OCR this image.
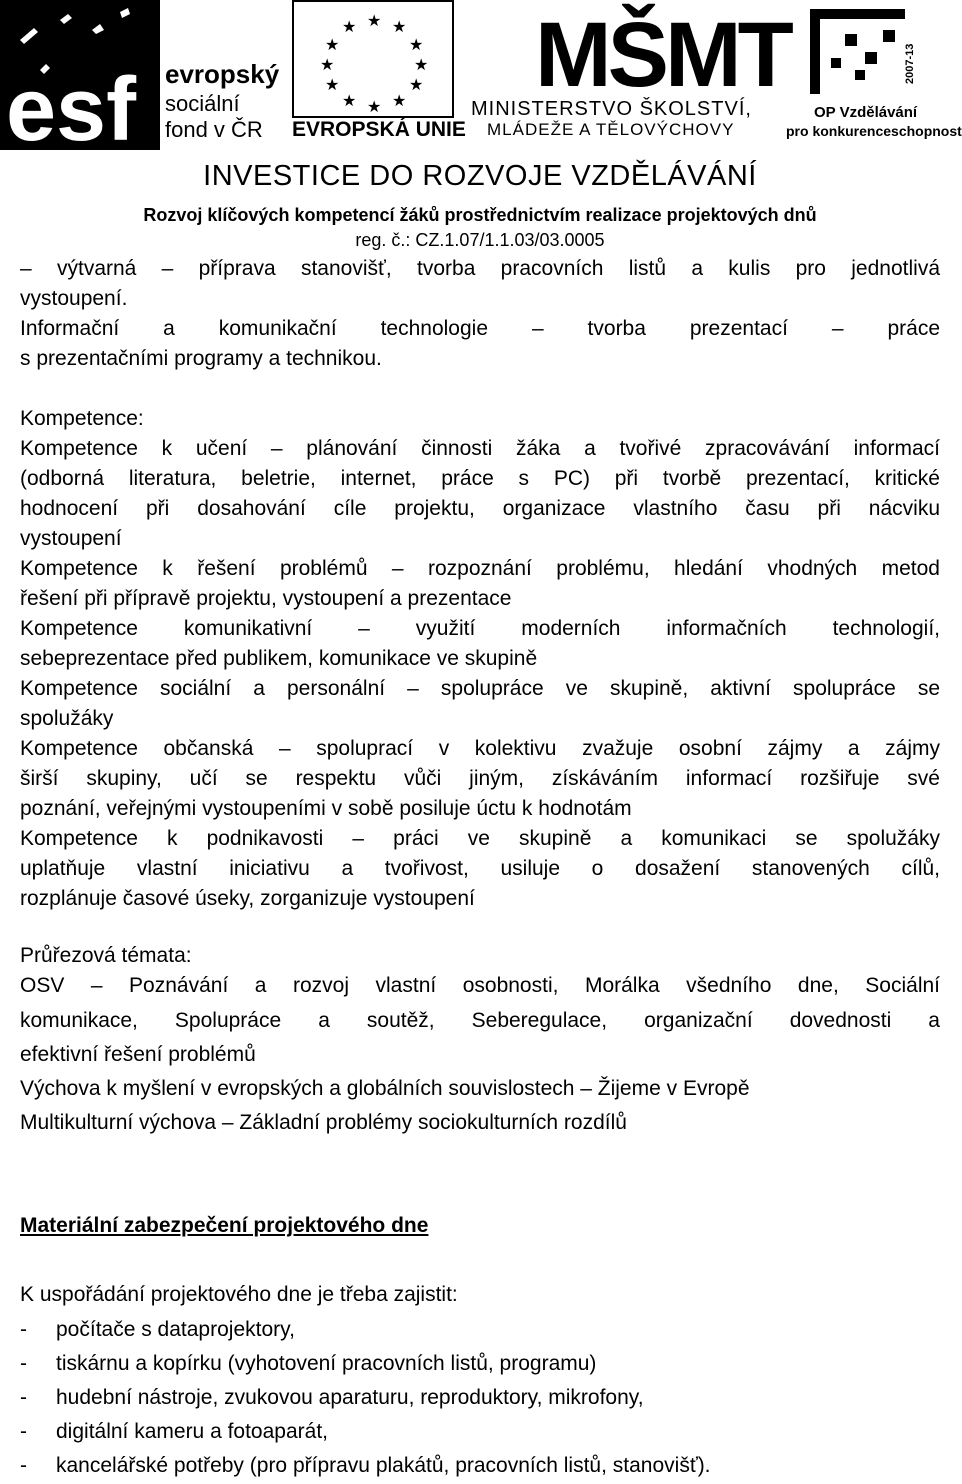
esf evropský
sociální
fond v ČR
★ ★
★
★
★
★
★
★
★
★
★
★
EVROPSKÁ UNIE
MŠMT
MINISTERSTVO ŠKOLSTVÍ,
MLÁDEŽE A TĚLOVÝCHOVY
2007-13
OP Vzdělávání
pro konkurenceschopnost
INVESTICE DO ROZVOJE VZDĚLÁVÁNÍ
Rozvoj klíčových kompetencí žáků prostřednictvím realizace projektových dnů
reg. č.: CZ.1.07/1.1.03/03.0005
– výtvarná – příprava stanovišť, tvorba pracovních listů a kulis pro jednotlivá
vystoupení.
Informační a komunikační technologie – tvorba prezentací – práce
s prezentačními programy a technikou.
Kompetence:
Kompetence k učení – plánování činnosti žáka a tvořivé zpracovávání informací
(odborná literatura, beletrie, internet, práce s PC) při tvorbě prezentací, kritické
hodnocení při dosahování cíle projektu, organizace vlastního času při nácviku
vystoupení
Kompetence k řešení problémů – rozpoznání problému, hledání vhodných metod
řešení při přípravě projektu, vystoupení a prezentace
Kompetence komunikativní – využití moderních informačních technologií,
sebeprezentace před publikem, komunikace ve skupině
Kompetence sociální a personální – spolupráce ve skupině, aktivní spolupráce se
spolužáky
Kompetence občanská – spoluprací v kolektivu zvažuje osobní zájmy a zájmy
širší skupiny, učí se respektu vůči jiným, získáváním informací rozšiřuje své
poznání, veřejnými vystoupeními v sobě posiluje úctu k hodnotám
Kompetence k podnikavosti – práci ve skupině a komunikaci se spolužáky
uplatňuje vlastní iniciativu a tvořivost, usiluje o dosažení stanovených cílů,
rozplánuje časové úseky, zorganizuje vystoupení
Průřezová témata:
OSV – Poznávání a rozvoj vlastní osobnosti, Morálka všedního dne, Sociální
komunikace, Spolupráce a soutěž, Seberegulace, organizační dovednosti a
efektivní řešení problémů
Výchova k myšlení v evropských a globálních souvislostech – Žijeme v Evropě
Multikulturní výchova – Základní problémy sociokulturních rozdílů
Materiální zabezpečení projektového dne
K uspořádání projektového dne je třeba zajistit:
- počítače s dataprojektory,
- tiskárnu a kopírku (vyhotovení pracovních listů, programu)
- hudební nástroje, zvukovou aparaturu, reproduktory, mikrofony,
- digitální kameru a fotoaparát,
- kancelářské potřeby (pro přípravu plakátů, pracovních listů, stanovišť).
